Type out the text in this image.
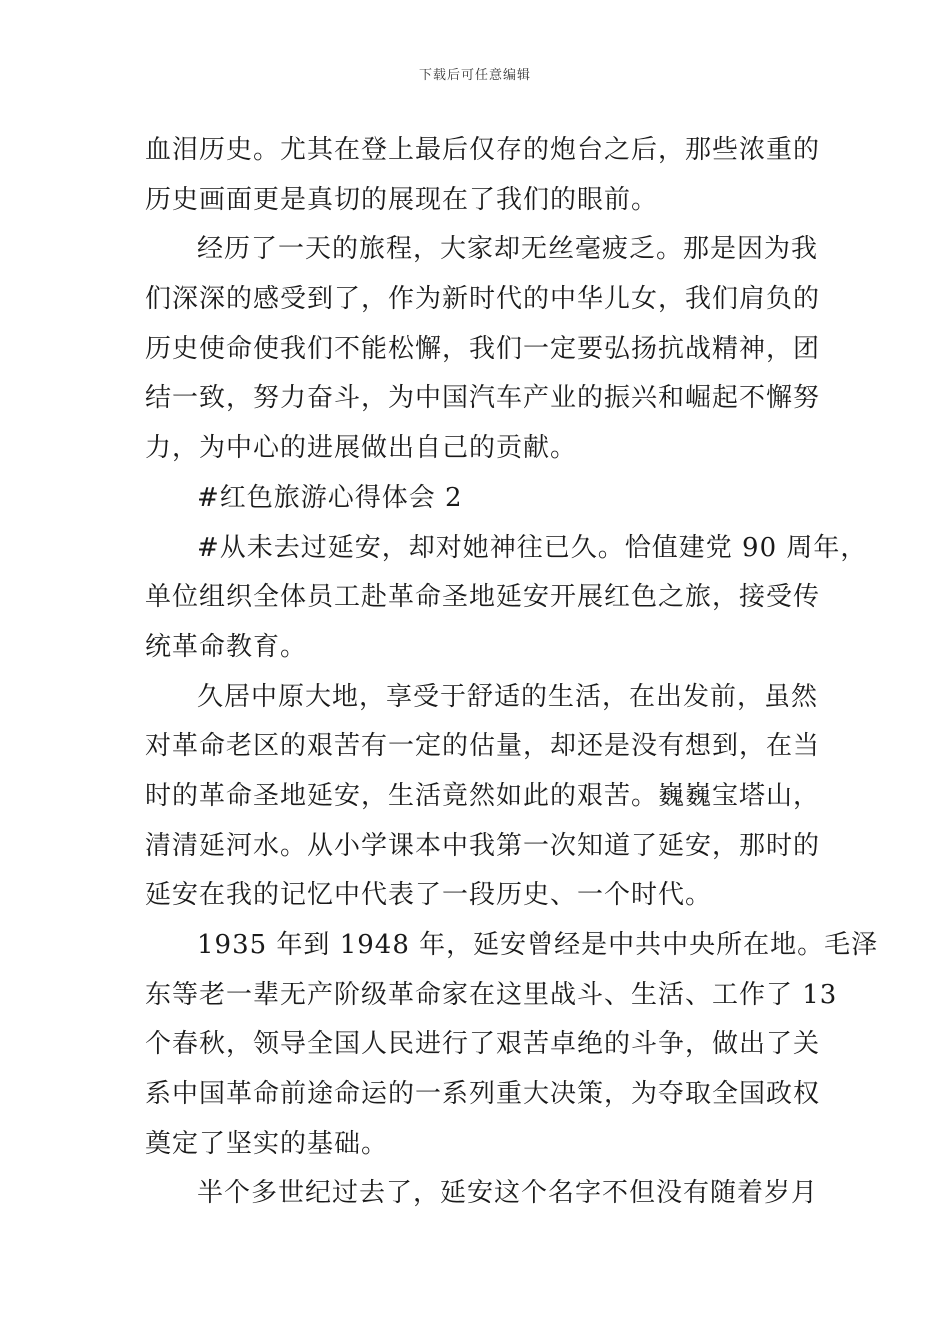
下载后可任意编辑
血泪历史。尤其在登上最后仅存的炮台之后，那些浓重的
历史画面更是真切的展现在了我们的眼前。
经历了一天的旅程，大家却无丝毫疲乏。那是因为我
们深深的感受到了，作为新时代的中华儿女，我们肩负的
历史使命使我们不能松懈，我们一定要弘扬抗战精神，团
结一致，努力奋斗，为中国汽车产业的振兴和崛起不懈努
力，为中心的进展做出自己的贡献。
#红色旅游心得体会 2
#从未去过延安，却对她神往已久。恰值建党 90 周年，
单位组织全体员工赴革命圣地延安开展红色之旅，接受传
统革命教育。
久居中原大地，享受于舒适的生活，在出发前，虽然
对革命老区的艰苦有一定的估量，却还是没有想到，在当
时的革命圣地延安，生活竟然如此的艰苦。巍巍宝塔山，
清清延河水。从小学课本中我第一次知道了延安，那时的
延安在我的记忆中代表了一段历史、一个时代。
1935 年到 1948 年，延安曾经是中共中央所在地。毛泽
东等老一辈无产阶级革命家在这里战斗、生活、工作了 13
个春秋，领导全国人民进行了艰苦卓绝的斗争，做出了关
系中国革命前途命运的一系列重大决策，为夺取全国政权
奠定了坚实的基础。
半个多世纪过去了，延安这个名字不但没有随着岁月
